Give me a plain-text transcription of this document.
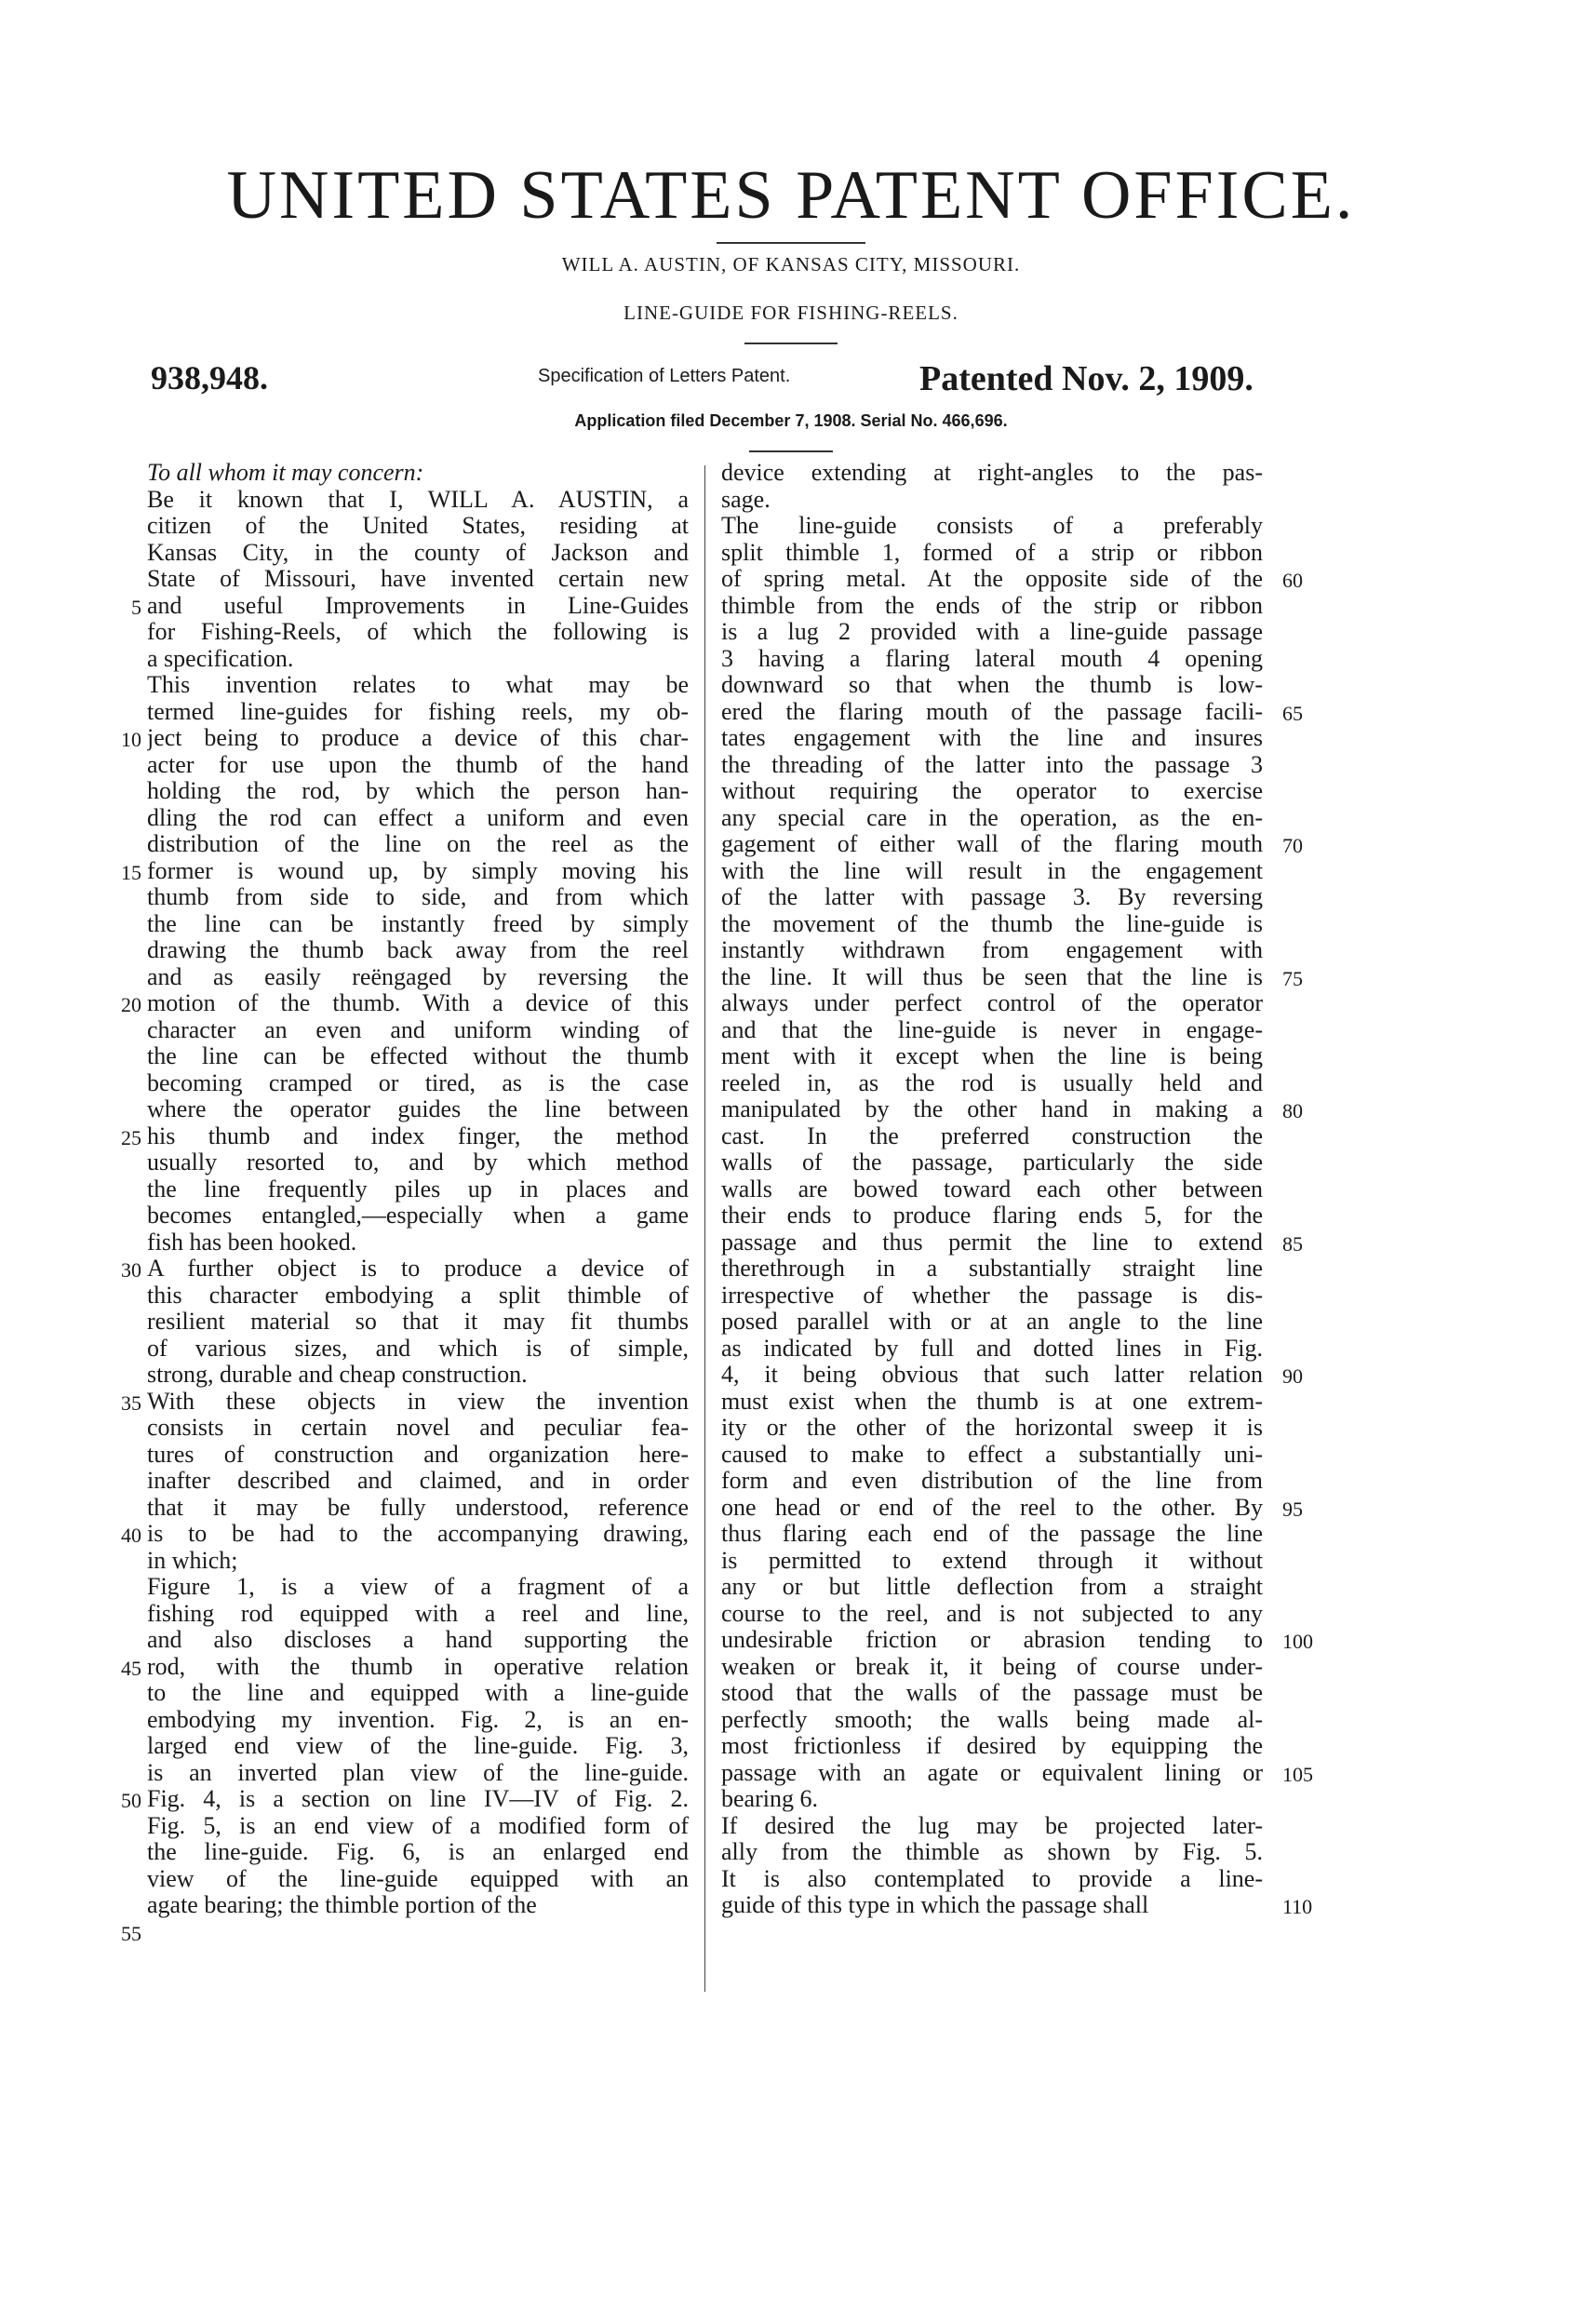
UNITED STATES PATENT OFFICE.

WILL A. AUSTIN, OF KANSAS CITY, MISSOURI.

LINE-GUIDE FOR FISHING-REELS.

938,948.	Specification of Letters Patent.	Patented Nov. 2, 1909.

Application filed December 7, 1908. Serial No. 466,696.

5
10
15
20
25
30
35
40
45
50
55
To all whom it may concern:
Be it known that I, WILL A. AUSTIN, a
citizen of the United States, residing at
Kansas City, in the county of Jackson and
State of Missouri, have invented certain new
and useful Improvements in Line-Guides
for Fishing-Reels, of which the following is
a specification.
This invention relates to what may be
termed line-guides for fishing reels, my ob-
ject being to produce a device of this char-
acter for use upon the thumb of the hand
holding the rod, by which the person han-
dling the rod can effect a uniform and even
distribution of the line on the reel as the
former is wound up, by simply moving his
thumb from side to side, and from which
the line can be instantly freed by simply
drawing the thumb back away from the reel
and as easily reëngaged by reversing the
motion of the thumb. With a device of this
character an even and uniform winding of
the line can be effected without the thumb
becoming cramped or tired, as is the case
where the operator guides the line between
his thumb and index finger, the method
usually resorted to, and by which method
the line frequently piles up in places and
becomes entangled,—especially when a game
fish has been hooked.
A further object is to produce a device of
this character embodying a split thimble of
resilient material so that it may fit thumbs
of various sizes, and which is of simple,
strong, durable and cheap construction.
With these objects in view the invention
consists in certain novel and peculiar fea-
tures of construction and organization here-
inafter described and claimed, and in order
that it may be fully understood, reference
is to be had to the accompanying drawing,
in which;
Figure 1, is a view of a fragment of a
fishing rod equipped with a reel and line,
and also discloses a hand supporting the
rod, with the thumb in operative relation
to the line and equipped with a line-guide
embodying my invention. Fig. 2, is an en-
larged end view of the line-guide. Fig. 3,
is an inverted plan view of the line-guide.
Fig. 4, is a section on line IV—IV of Fig. 2.
Fig. 5, is an end view of a modified form of
the line-guide. Fig. 6, is an enlarged end
view of the line-guide equipped with an
agate bearing; the thimble portion of the
device extending at right-angles to the pas-
sage.
The line-guide consists of a preferably
split thimble 1, formed of a strip or ribbon
of spring metal. At the opposite side of the
thimble from the ends of the strip or ribbon
is a lug 2 provided with a line-guide passage
3 having a flaring lateral mouth 4 opening
downward so that when the thumb is low-
ered the flaring mouth of the passage facili-
tates engagement with the line and insures
the threading of the latter into the passage 3
without requiring the operator to exercise
any special care in the operation, as the en-
gagement of either wall of the flaring mouth
with the line will result in the engagement
of the latter with passage 3. By reversing
the movement of the thumb the line-guide is
instantly withdrawn from engagement with
the line. It will thus be seen that the line is
always under perfect control of the operator
and that the line-guide is never in engage-
ment with it except when the line is being
reeled in, as the rod is usually held and
manipulated by the other hand in making a
cast. In the preferred construction the
walls of the passage, particularly the side
walls are bowed toward each other between
their ends to produce flaring ends 5, for the
passage and thus permit the line to extend
therethrough in a substantially straight line
irrespective of whether the passage is dis-
posed parallel with or at an angle to the line
as indicated by full and dotted lines in Fig.
4, it being obvious that such latter relation
must exist when the thumb is at one extrem-
ity or the other of the horizontal sweep it is
caused to make to effect a substantially uni-
form and even distribution of the line from
one head or end of the reel to the other. By
thus flaring each end of the passage the line
is permitted to extend through it without
any or but little deflection from a straight
course to the reel, and is not subjected to any
undesirable friction or abrasion tending to
weaken or break it, it being of course under-
stood that the walls of the passage must be
perfectly smooth; the walls being made al-
most frictionless if desired by equipping the
passage with an agate or equivalent lining or
bearing 6.
If desired the lug may be projected later-
ally from the thimble as shown by Fig. 5.
It is also contemplated to provide a line-
guide of this type in which the passage shall
60
65
70
75
80
85
90
95
100
105
110
